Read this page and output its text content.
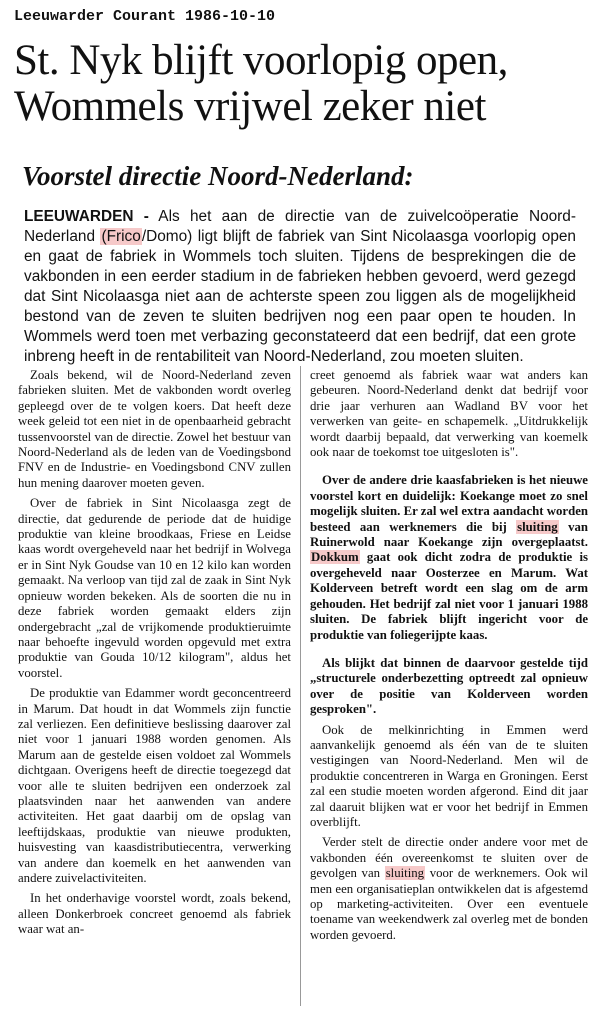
Leeuwarder Courant 1986-10-10
St. Nyk blijft voorlopig open,
Wommels vrijwel zeker niet
Voorstel directie Noord-Nederland:
LEEUWARDEN - Als het aan de directie van de zuivelcoöperatie Noord-Nederland (Frico/Domo) ligt blijft de fabriek van Sint Nicolaasga voorlopig open en gaat de fabriek in Wommels toch sluiten. Tijdens de besprekingen die de vakbonden in een eerder stadium in de fabrieken hebben gevoerd, werd gezegd dat Sint Nicolaasga niet aan de achterste speen zou liggen als de mogelijkheid bestond van de zeven te sluiten bedrijven nog een paar open te houden. In Wommels werd toen met verbazing geconstateerd dat een bedrijf, dat een grote inbreng heeft in de rentabiliteit van Noord-Nederland, zou moeten sluiten.

Zoals bekend, wil de Noord-Nederland zeven fabrieken sluiten. Met de vakbonden wordt overleg gepleegd over de te volgen koers. Dat heeft deze week geleid tot een niet in de openbaarheid gebracht tussenvoorstel van de directie. Zowel het bestuur van Noord-Nederland als de leden van de Voedingsbond FNV en de Industrie- en Voedingsbond CNV zullen hun mening daarover moeten geven.

Over de fabriek in Sint Nicolaasga zegt de directie, dat gedurende de periode dat de huidige produktie van kleine broodkaas, Friese en Leidse kaas wordt overgeheveld naar het bedrijf in Wolvega er in Sint Nyk Goudse van 10 en 12 kilo kan worden gemaakt. Na verloop van tijd zal de zaak in Sint Nyk opnieuw worden bekeken. Als de soorten die nu in deze fabriek worden gemaakt elders zijn ondergebracht „zal de vrijkomende produktieruimte naar behoefte ingevuld worden opgevuld met extra produktie van Gouda 10/12 kilogram", aldus het voorstel.

De produktie van Edammer wordt geconcentreerd in Marum. Dat houdt in dat Wommels zijn functie zal verliezen. Een definitieve beslissing daarover zal niet voor 1 januari 1988 worden genomen. Als Marum aan de gestelde eisen voldoet zal Wommels dichtgaan. Overigens heeft de directie toegezegd dat voor alle te sluiten bedrijven een onderzoek zal plaatsvinden naar het aanwenden van andere activiteiten. Het gaat daarbij om de opslag van leeftijdskaas, produktie van nieuwe produkten, huisvesting van kaasdistributiecentra, verwerking van andere dan koemelk en het aanwenden van andere zuivelactiviteiten.

In het onderhavige voorstel wordt, zoals bekend, alleen Donkerbroek concreet genoemd als fabriek waar wat an-

creet genoemd als fabriek waar wat anders kan gebeuren. Noord-Nederland denkt dat bedrijf voor drie jaar verhuren aan Wadland BV voor het verwerken van geite- en schapemelk. „Uitdrukkelijk wordt daarbij bepaald, dat verwerking van koemelk ook naar de toekomst toe uitgesloten is".

Over de andere drie kaasfabrieken is het nieuwe voorstel kort en duidelijk: Koekange moet zo snel mogelijk sluiten. Er zal wel extra aandacht worden besteed aan werknemers die bij sluiting van Ruinerwold naar Koekange zijn overgeplaatst. Dokkum gaat ook dicht zodra de produktie is overgeheveld naar Oosterzee en Marum. Wat Kolderveen betreft wordt een slag om de arm gehouden. Het bedrijf zal niet voor 1 januari 1988 sluiten. De fabriek blijft ingericht voor de produktie van foliegerijpte kaas.

Als blijkt dat binnen de daarvoor gestelde tijd „structurele onderbezetting optreedt zal opnieuw over de positie van Kolderveen worden gesproken".

Ook de melkinrichting in Emmen werd aanvankelijk genoemd als één van de te sluiten vestigingen van Noord-Nederland. Men wil de produktie concentreren in Warga en Groningen. Eerst zal een studie moeten worden afgerond. Eind dit jaar zal daaruit blijken wat er voor het bedrijf in Emmen overblijft.

Verder stelt de directie onder andere voor met de vakbonden één overeenkomst te sluiten over de gevolgen van sluiting voor de werknemers. Ook wil men een organisatieplan ontwikkelen dat is afgestemd op marketing-activiteiten. Over een eventuele toename van weekendwerk zal overleg met de bonden worden gevoerd.
